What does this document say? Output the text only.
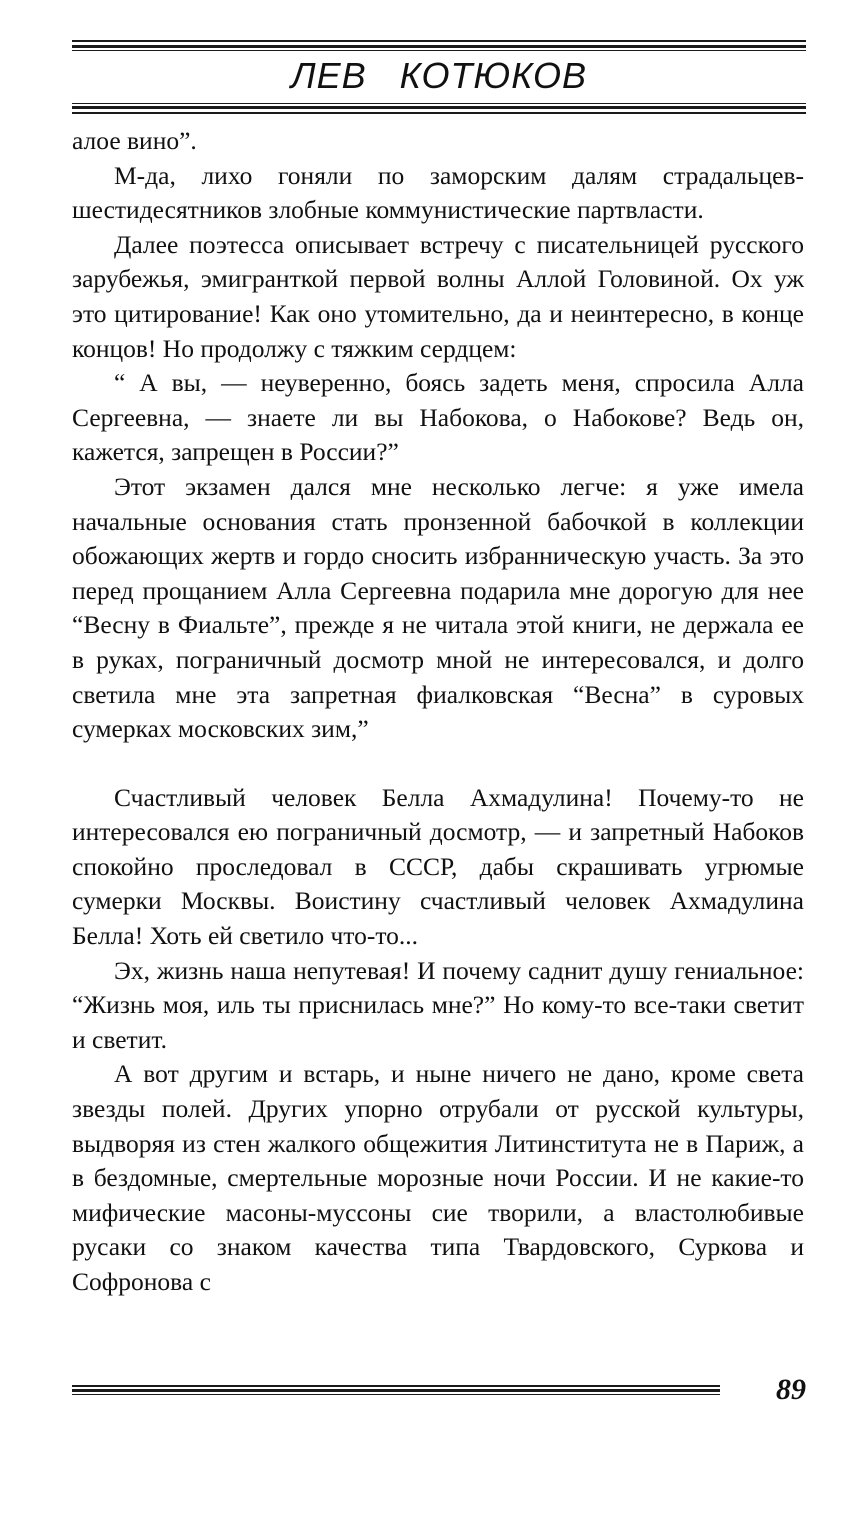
ЛЕВ КОТЮКОВ

алое вино”.

М-да, лихо гоняли по заморским далям страдальцев-шестидесятников злобные коммунистические партвласти.

Далее поэтесса описывает встречу с писательницей русского зарубежья, эмигранткой первой волны Аллой Головиной. Ох уж это цитирование! Как оно утомительно, да и неинтересно, в конце концов! Но продолжу с тяжким сердцем:

“ А вы, — неуверенно, боясь задеть меня, спросила Алла Сергеевна, — знаете ли вы Набокова, о Набокове? Ведь он, кажется, запрещен в России?”

Этот экзамен дался мне несколько легче: я уже имела начальные основания стать пронзенной бабочкой в коллекции обожающих жертв и гордо сносить избранническую участь. За это перед прощанием Алла Сергеевна подарила мне дорогую для нее “Весну в Фиальте”, прежде я не читала этой книги, не держала ее в руках, пограничный досмотр мной не интересовался, и долго светила мне эта запретная фиалковская “Весна” в суровых сумерках московских зим,”

Счастливый человек Белла Ахмадулина! Почему-то не интересовался ею пограничный досмотр, — и запретный Набоков спокойно проследовал в СССР, дабы скрашивать угрюмые сумерки Москвы. Воистину счастливый человек Ахмадулина Белла! Хоть ей светило что-то...

Эх, жизнь наша непутевая! И почему саднит душу гениальное: “Жизнь моя, иль ты приснилась мне?” Но кому-то все-таки светит и светит.

А вот другим и встарь, и ныне ничего не дано, кроме света звезды полей. Других упорно отрубали от русской культуры, выдворяя из стен жалкого общежития Литинститута не в Париж, а в бездомные, смертельные морозные ночи России. И не какие-то мифические масоны-муссоны сие творили, а властолюбивые русаки со знаком качества типа Твардовского, Суркова и Софронова с

89
